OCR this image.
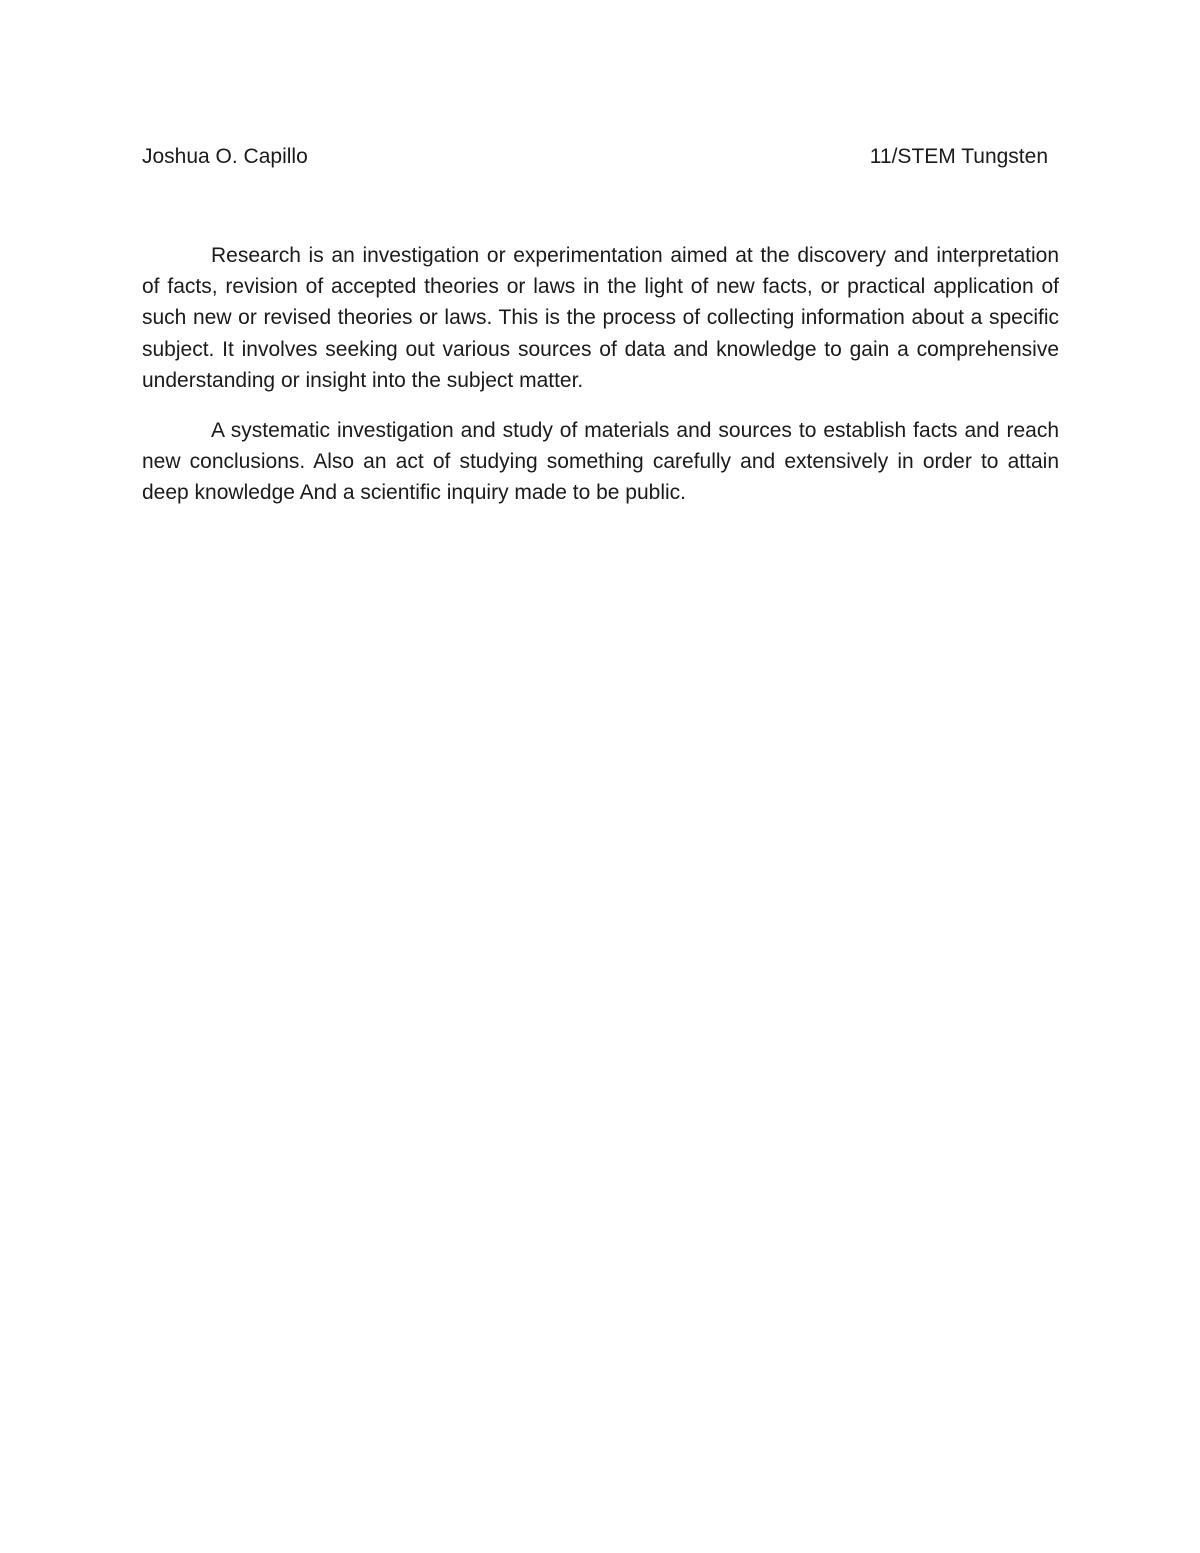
Joshua O. Capillo	11/STEM Tungsten

Research is an investigation or experimentation aimed at the discovery and interpretation of facts, revision of accepted theories or laws in the light of new facts, or practical application of such new or revised theories or laws. This is the process of collecting information about a specific subject. It involves seeking out various sources of data and knowledge to gain a comprehensive understanding or insight into the subject matter.

A systematic investigation and study of materials and sources to establish facts and reach new conclusions. Also an act of studying something carefully and extensively in order to attain deep knowledge And a scientific inquiry made to be public.
